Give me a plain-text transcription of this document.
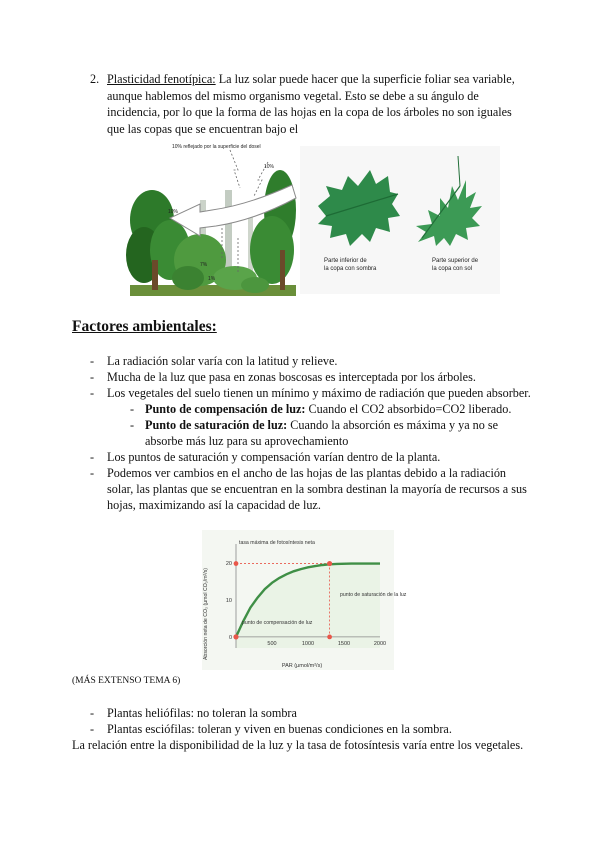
2. Plasticidad fenotípica: La luz solar puede hacer que la superficie foliar sea variable,
aunque hablemos del mismo organismo vegetal. Esto se debe a su ángulo de
incidencia, por lo que la forma de las hojas en la copa de los árboles no son iguales
que las copas que se encuentran bajo el
10% reflejado por la superficie del dosel
10%
10%
7%
1%
Parte inferior de
la copa con sombra
Parte superior de
la copa con sol
Factores ambientales:
- La radiación solar varía con la latitud y relieve.
- Mucha de la luz que pasa en zonas boscosas es interceptada por los árboles.
- Los vegetales del suelo tienen un mínimo y máximo de radiación que pueden absorber.
- Punto de compensación de luz: Cuando el CO2 absorbido=CO2 liberado.
- Punto de saturación de luz: Cuando la absorción es máxima y ya no se
absorbe más luz para su aprovechamiento
- Los puntos de saturación y compensación varían dentro de la planta.
- Podemos ver cambios en el ancho de las hojas de las plantas debido a la radiación
solar, las plantas que se encuentran en la sombra destinan la mayoría de recursos a sus
hojas, maximizando así la capacidad de luz.
500	1000	1500	2000
0
10
20
Absorción neta de CO₂ (μmol CO₂/m²/s)
PAR (μmol/m²/s)
tasa máxima de fotosíntesis neta
punto de compensación de luz
punto de saturación de la luz
(MÁS EXTENSO TEMA 6)
- Plantas heliófilas: no toleran la sombra
- Plantas esciófilas: toleran y viven en buenas condiciones en la sombra.
La relación entre la disponibilidad de la luz y la tasa de fotosíntesis varía entre los vegetales.
